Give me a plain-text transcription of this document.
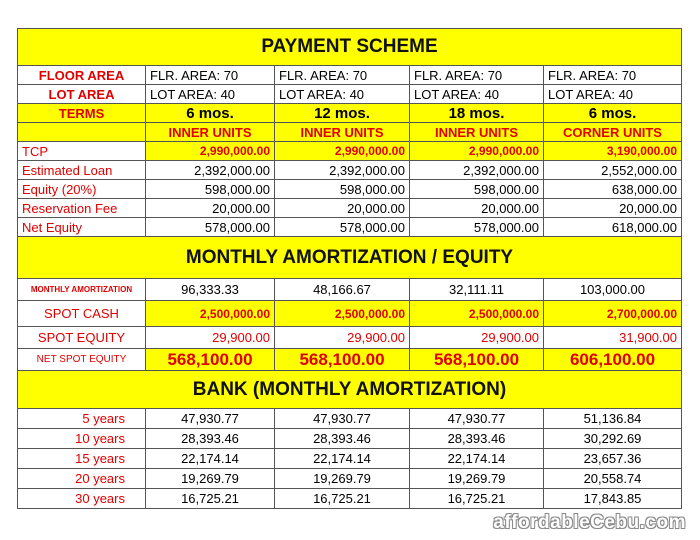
PAYMENT SCHEME				
FLOOR AREA	FLR. AREA: 70	FLR. AREA: 70	FLR. AREA: 70	FLR. AREA: 70
LOT AREA	LOT AREA: 40	LOT AREA: 40	LOT AREA: 40	LOT AREA: 40
TERMS	6 mos.	12 mos.	18 mos.	6 mos.
	INNER UNITS	INNER UNITS	INNER UNITS	CORNER UNITS
TCP	2,990,000.00	2,990,000.00	2,990,000.00	3,190,000.00
Estimated Loan	2,392,000.00	2,392,000.00	2,392,000.00	2,552,000.00
Equity (20%)	598,000.00	598,000.00	598,000.00	638,000.00
Reservation Fee	20,000.00	20,000.00	20,000.00	20,000.00
Net Equity	578,000.00	578,000.00	578,000.00	618,000.00
MONTHLY AMORTIZATION / EQUITY				
MONTHLY AMORTIZATION	96,333.33	48,166.67	32,111.11	103,000.00
SPOT CASH	2,500,000.00	2,500,000.00	2,500,000.00	2,700,000.00
SPOT EQUITY	29,900.00	29,900.00	29,900.00	31,900.00
NET SPOT EQUITY	568,100.00	568,100.00	568,100.00	606,100.00
BANK (MONTHLY AMORTIZATION)				
5 years	47,930.77	47,930.77	47,930.77	51,136.84
10 years	28,393.46	28,393.46	28,393.46	30,292.69
15 years	22,174.14	22,174.14	22,174.14	23,657.36
20 years	19,269.79	19,269.79	19,269.79	20,558.74
30 years	16,725.21	16,725.21	16,725.21	17,843.85
affordableCebu.com
